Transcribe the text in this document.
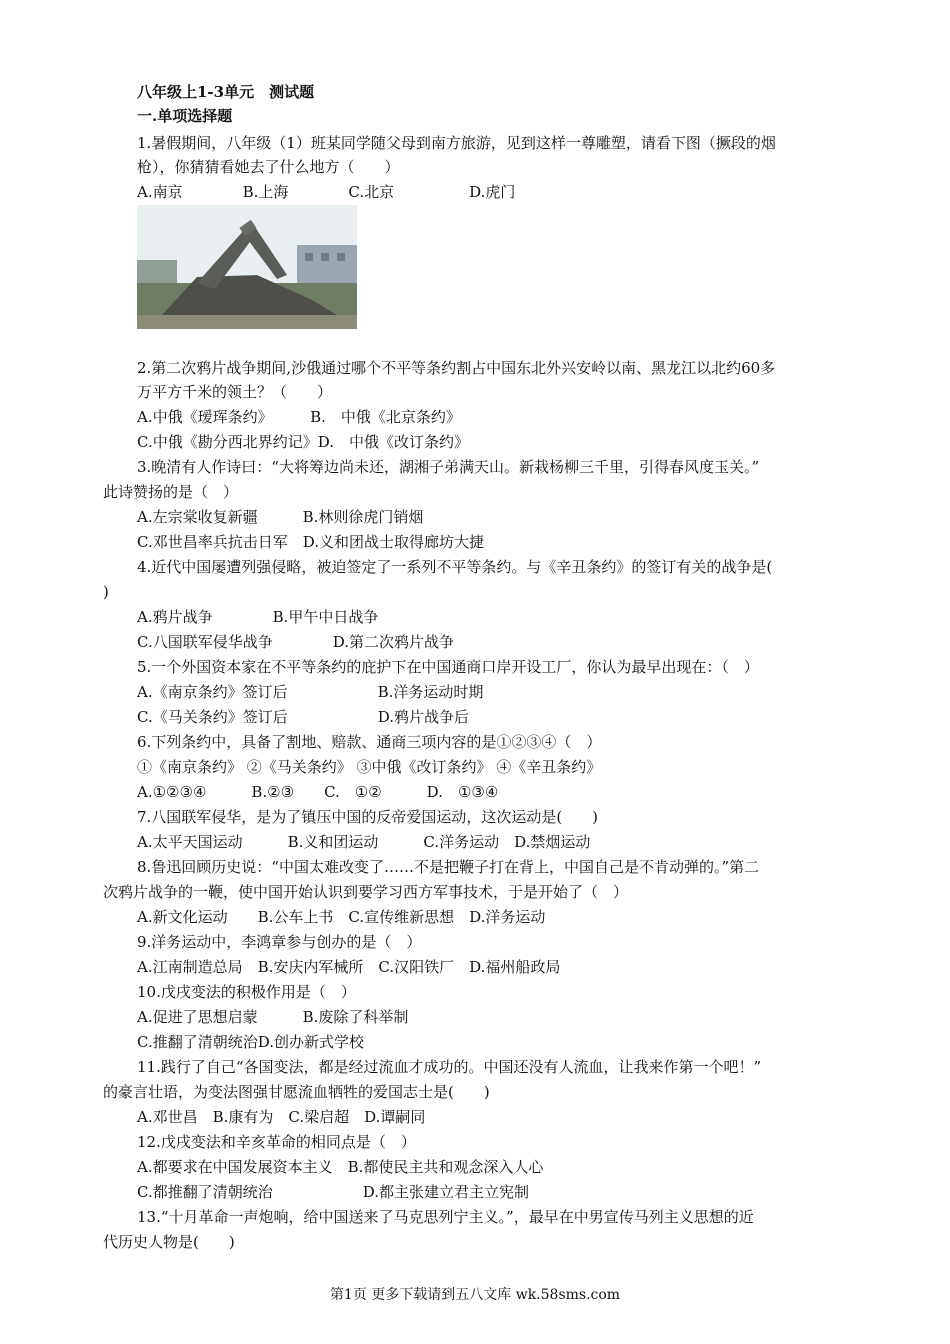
八年级上1-3单元　测试题
一.单项选择题
1.暑假期间，八年级（1）班某同学随父母到南方旅游，见到这样一尊雕塑，请看下图（撅段的烟
枪），你猜猜看她去了什么地方（　　）
A.南京　　　　B.上海　　　　C.北京　　　　　D.虎门
2.第二次鸦片战争期间,沙俄通过哪个不平等条约割占中国东北外兴安岭以南、黑龙江以北约60多
万平方千米的领土？（　　）
A.中俄《瑷珲条约》　　　B.　中俄《北京条约》
C.中俄《勘分西北界约记》D.　中俄《改订条约》
3.晚清有人作诗曰：“大将筹边尚未还，湖湘子弟满天山。新栽杨柳三千里，引得春风度玉关。”
此诗赞扬的是（　）
A.左宗棠收复新疆　　　B.林则徐虎门销烟
C.邓世昌率兵抗击日军　D.义和团战士取得廊坊大捷
4.近代中国屡遭列强侵略，被迫签定了一系列不平等条约。与《辛丑条约》的签订有关的战争是(
)
A.鸦片战争　　　　B.甲午中日战争
C.八国联军侵华战争　　　　D.第二次鸦片战争
5.一个外国资本家在不平等条约的庇护下在中国通商口岸开设工厂，你认为最早出现在：（　）
A.《南京条约》签订后　　　　　　B.洋务运动时期
C.《马关条约》签订后　　　　　　D.鸦片战争后
6.下列条约中，具备了割地、赔款、通商三项内容的是①②③④（　）
①《南京条约》 ②《马关条约》 ③中俄《改订条约》 ④《辛丑条约》
A.①②③④　　　B.②③　　C.　①②　　　D.　①③④
7.八国联军侵华，是为了镇压中国的反帝爱国运动，这次运动是(　　)
A.太平天国运动　　　B.义和团运动　　　C.洋务运动　D.禁烟运动
8.鲁迅回顾历史说：“中国太难改变了……不是把鞭子打在背上，中国自己是不肯动弹的。”第二
次鸦片战争的一鞭，使中国开始认识到要学习西方军事技术，于是开始了（　）
A.新文化运动　　B.公车上书　C.宣传维新思想　D.洋务运动
9.洋务运动中，李鸿章参与创办的是（　）
A.江南制造总局　B.安庆内军械所　C.汉阳铁厂　D.福州船政局
10.戊戌变法的积极作用是（　）
A.促进了思想启蒙　　　B.废除了科举制
C.推翻了清朝统治D.创办新式学校
11.践行了自己“各国变法，都是经过流血才成功的。中国还没有人流血，让我来作第一个吧！”
的豪言壮语，为变法图强甘愿流血牺牲的爱国志士是(　　)
A.邓世昌　B.康有为　C.梁启超　D.谭嗣同
12.戊戌变法和辛亥革命的相同点是（　）
A.都要求在中国发展资本主义　B.都使民主共和观念深入人心
C.都推翻了清朝统治　　　　　　D.都主张建立君主立宪制
13.“十月革命一声炮响，给中国送来了马克思列宁主义。”，最早在中男宣传马列主义思想的近
代历史人物是(　　)
第1页 更多下载请到五八文库 wk.58sms.com
